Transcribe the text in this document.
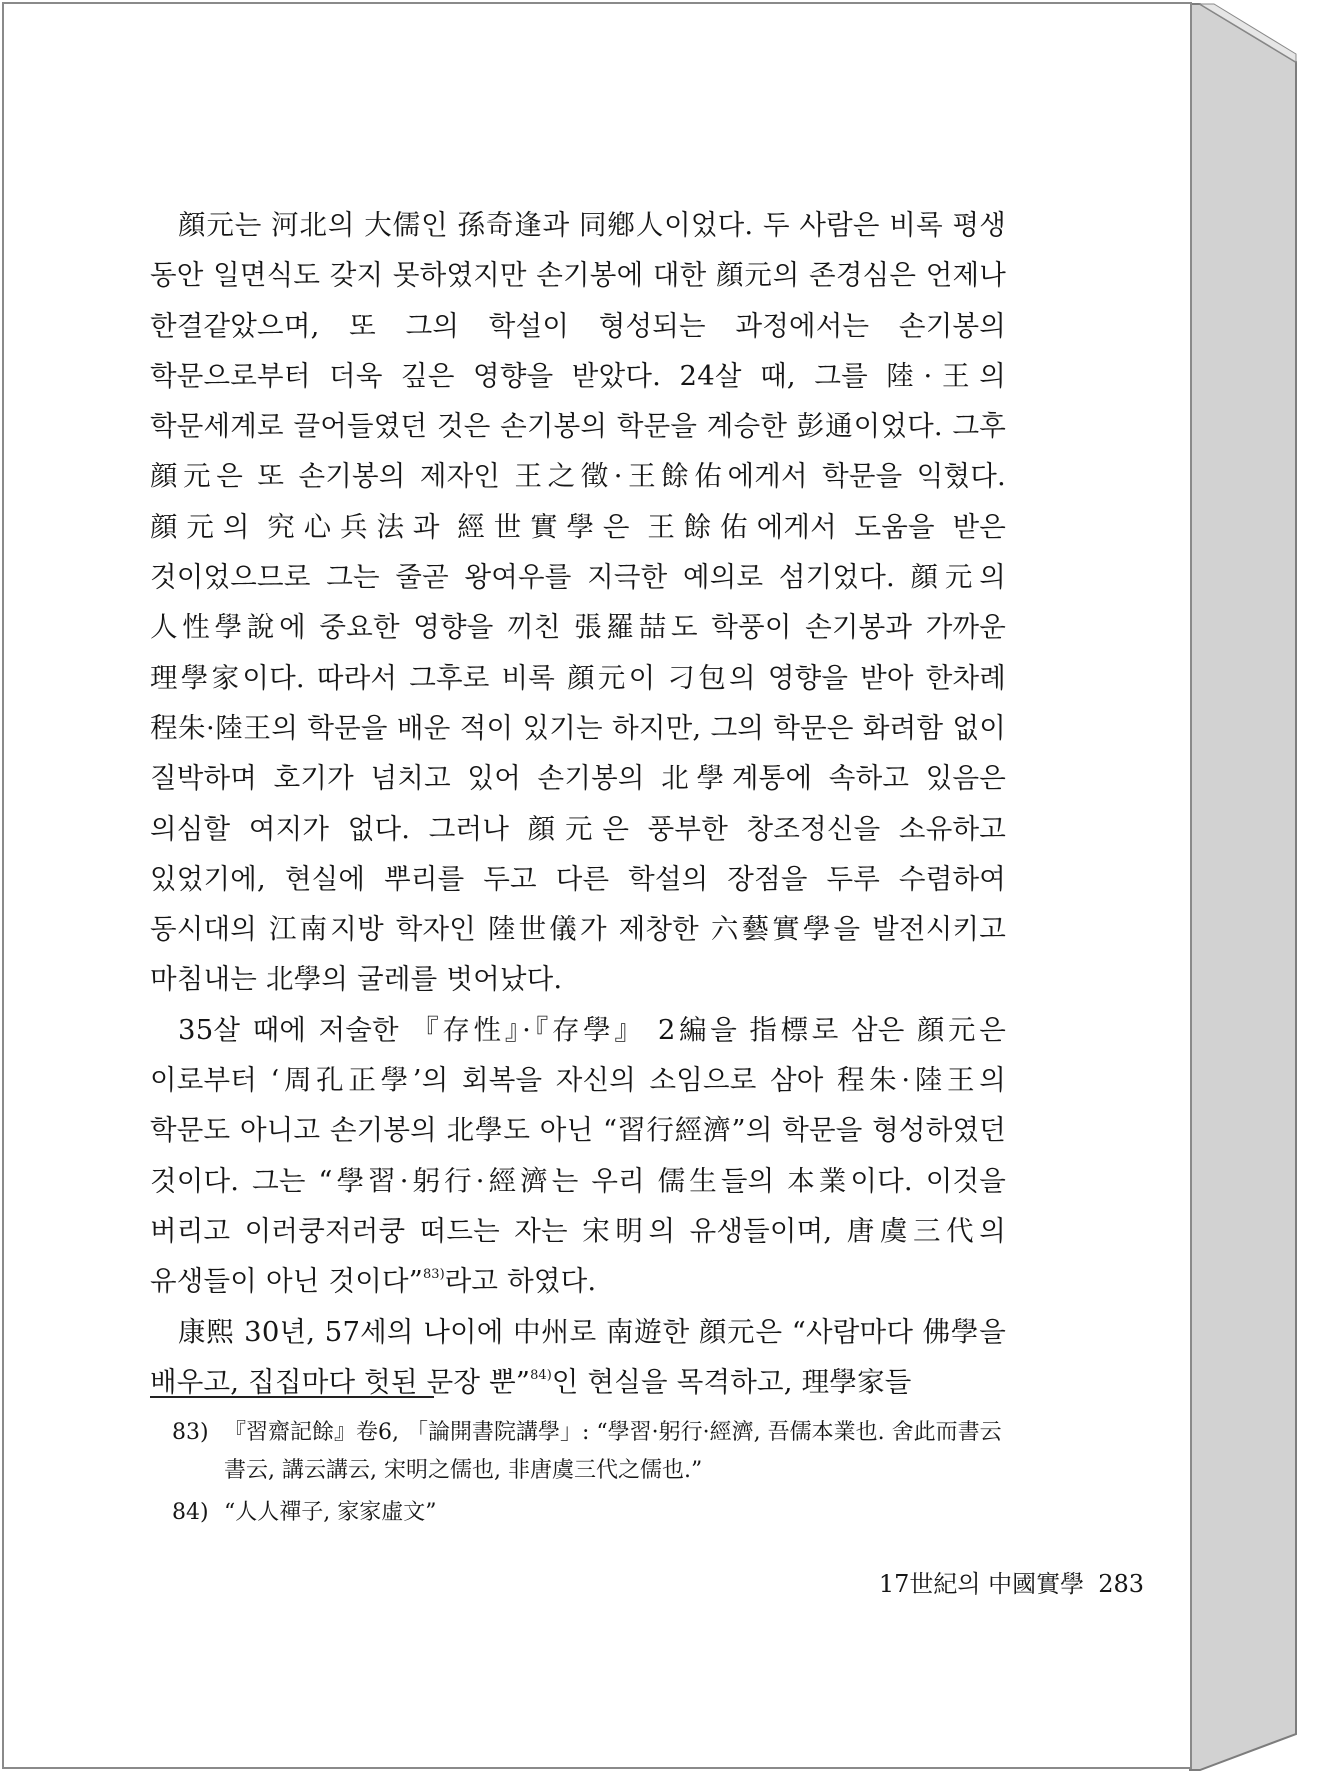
顔元는 河北의 大儒인 孫奇逢과 同鄕人이었다. 두 사람은 비록 평생 동안 일면식도 갖지 못하였지만 손기봉에 대한 顔元의 존경심은 언제나 한결같았으며, 또 그의 학설이 형성되는 과정에서는 손기봉의 학문으로부터 더욱 깊은 영향을 받았다. 24살 때, 그를 陸·王의 학문세계로 끌어들였던 것은 손기봉의 학문을 계승한 彭通이었다. 그후 顔元은 또 손기봉의 제자인 王之徵·王餘佑에게서 학문을 익혔다. 顔元의 究心兵法과 經世實學은 王餘佑에게서 도움을 받은 것이었으므로 그는 줄곧 왕여우를 지극한 예의로 섬기었다. 顔元의 人性學說에 중요한 영향을 끼친 張羅喆도 학풍이 손기봉과 가까운 理學家이다. 따라서 그후로 비록 顔元이 刁包의 영향을 받아 한차례 程朱·陸王의 학문을 배운 적이 있기는 하지만, 그의 학문은 화려함 없이 질박하며 호기가 넘치고 있어 손기봉의 北學계통에 속하고 있음은 의심할 여지가 없다. 그러나 顔元은 풍부한 창조정신을 소유하고 있었기에, 현실에 뿌리를 두고 다른 학설의 장점을 두루 수렴하여 동시대의 江南지방 학자인 陸世儀가 제창한 六藝實學을 발전시키고 마침내는 北學의 굴레를 벗어났다.

35살 때에 저술한 『存性』·『存學』 2編을 指標로 삼은 顔元은 이로부터 ‘周孔正學’의 회복을 자신의 소임으로 삼아 程朱·陸王의 학문도 아니고 손기봉의 北學도 아닌 “習行經濟”의 학문을 형성하였던 것이다. 그는 “學習·躬行·經濟는 우리 儒生들의 本業이다. 이것을 버리고 이러쿵저러쿵 떠드는 자는 宋明의 유생들이며, 唐虞三代의 유생들이 아닌 것이다”$^{83)}$라고 하였다.

康熙 30년, 57세의 나이에 中州로 南遊한 顔元은 “사람마다 佛學을 배우고, 집집마다 헛된 문장 뿐”$^{84)}$인 현실을 목격하고, 理學家들

83) 『習齋記餘』卷6, 「論開書院講學」: “學習·躬行·經濟, 吾儒本業也. 舍此而書云書云, 講云講云, 宋明之儒也, 非唐虞三代之儒也.”

84) “人人禪子, 家家虛文”

17世紀의 中國實學 283
